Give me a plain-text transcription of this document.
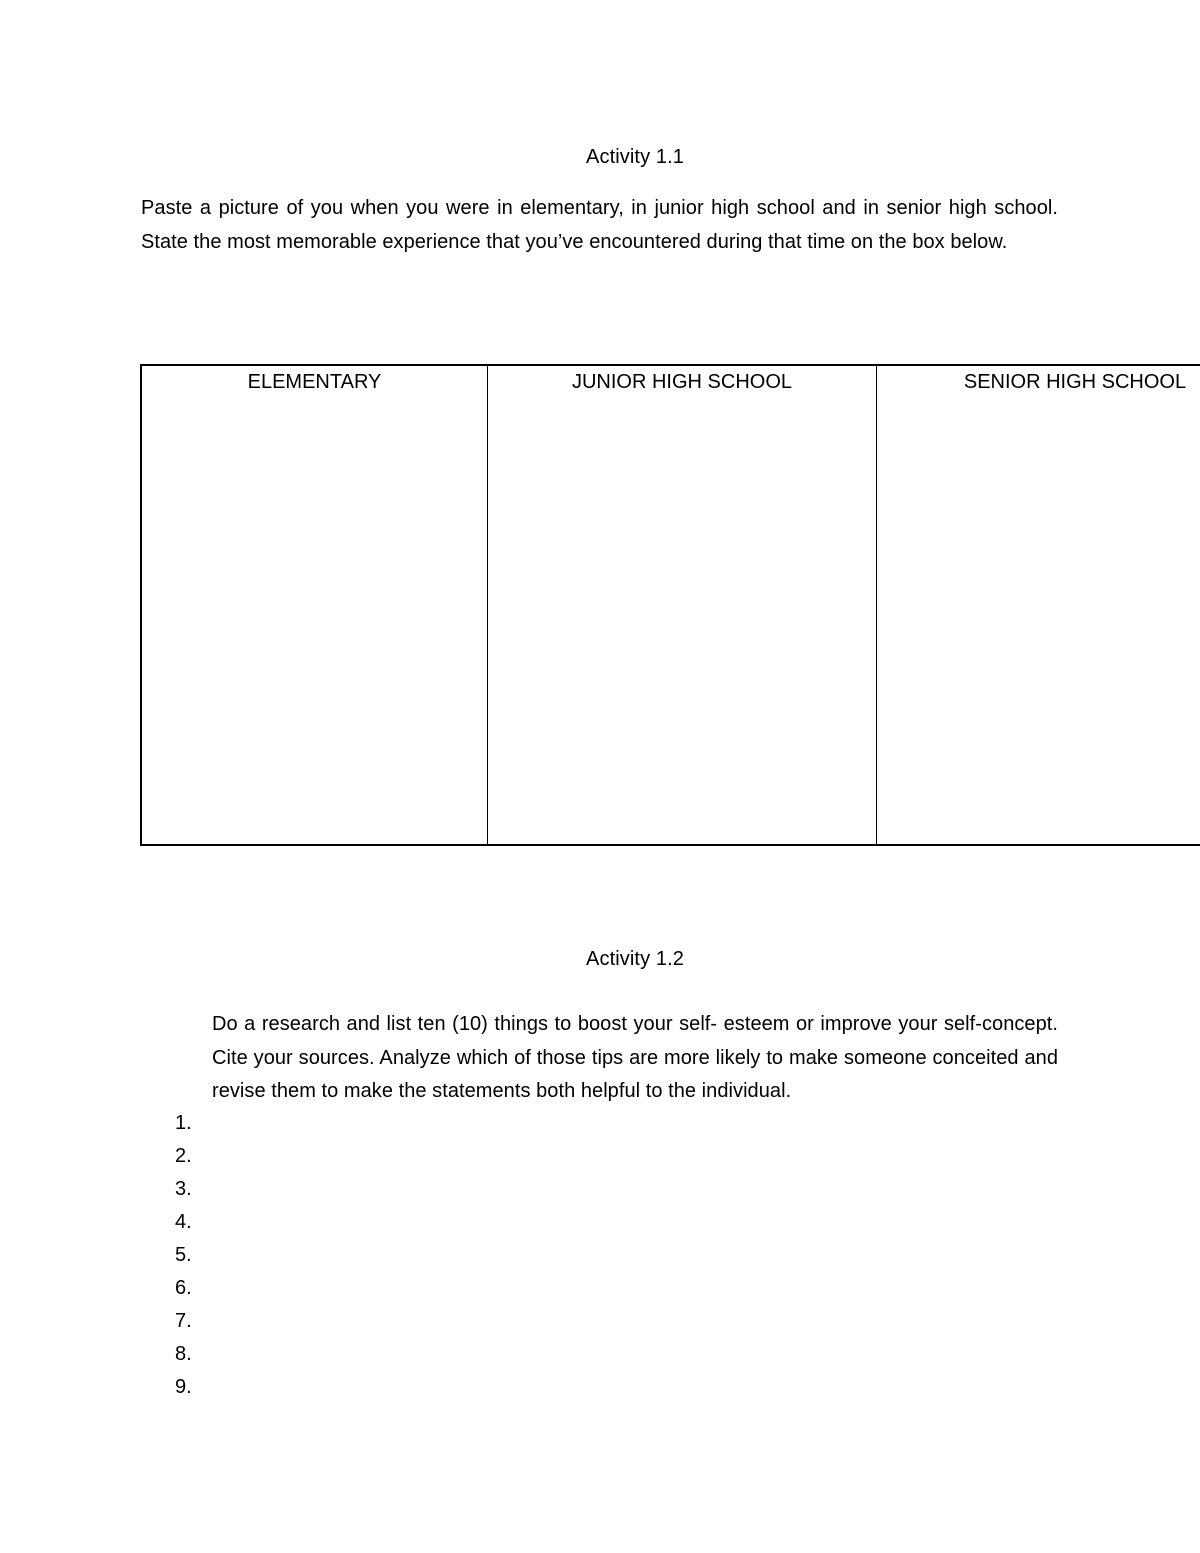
Activity 1.1
Paste a picture of you when you were in elementary, in junior high school and in senior high school. State the most memorable experience that you’ve encountered during that time on the box below.
ELEMENTARY	JUNIOR HIGH SCHOOL	SENIOR HIGH SCHOOL
Activity 1.2
Do a research and list ten (10) things to boost your self- esteem or improve your self-concept. Cite your sources. Analyze which of those tips are more likely to make someone conceited and revise them to make the statements both helpful to the individual.
1.
2.
3.
4.
5.
6.
7.
8.
9.
